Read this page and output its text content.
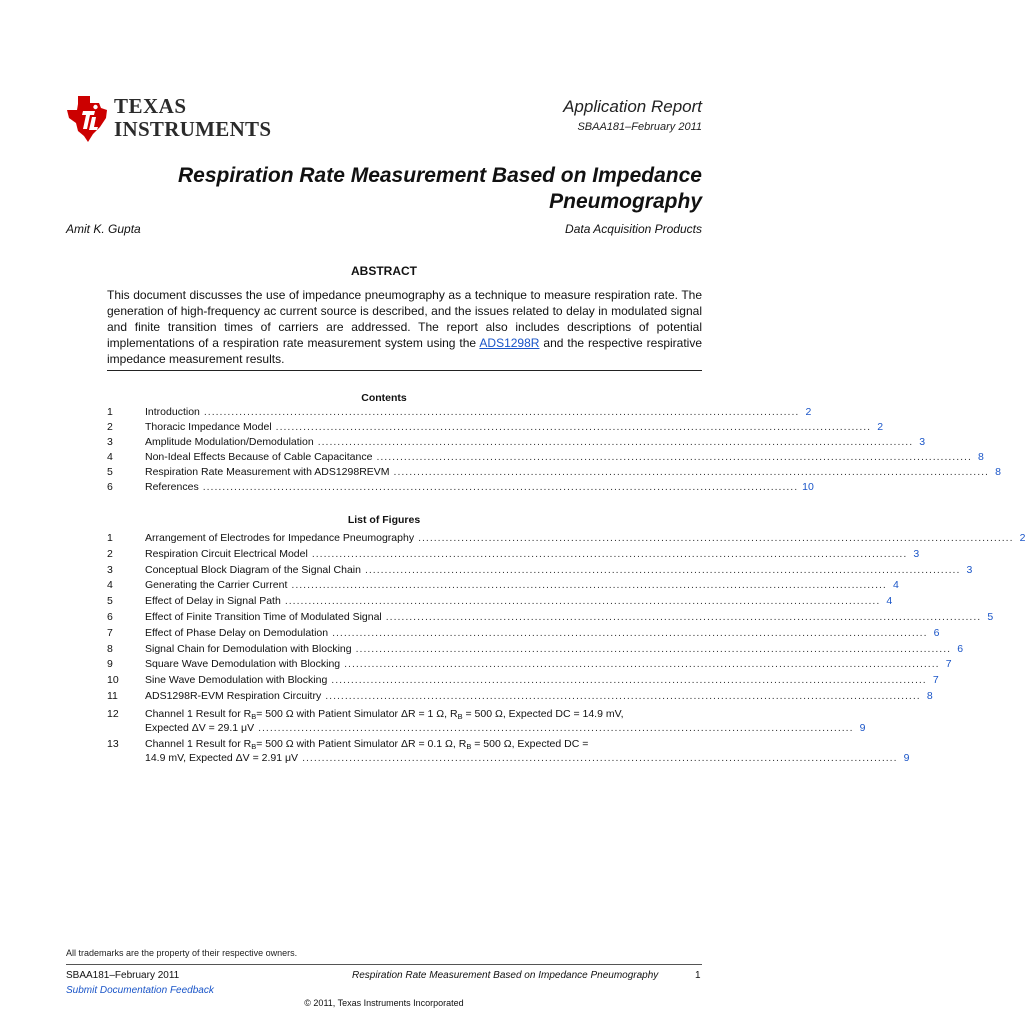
TEXAS
INSTRUMENTS
Application Report
SBAA181–February 2011
Respiration Rate Measurement Based on Impedance
Pneumography
Amit K. Gupta	Data Acquisition Products
ABSTRACT
This document discusses the use of impedance pneumography as a technique to measure respiration rate. The generation of high-frequency ac current source is described, and the issues related to delay in modulated signal and finite transition times of carriers are addressed. The report also includes descriptions of potential implementations of a respiration rate measurement system using the ADS1298R and the respective respirative impedance measurement results.
Contents
1	Introduction ........................................................................................................................................................ 2
2	Thoracic Impedance Model ........................................................................................................................................................ 2
3	Amplitude Modulation/Demodulation ........................................................................................................................................................ 3
4	Non-Ideal Effects Because of Cable Capacitance ........................................................................................................................................................ 8
5	Respiration Rate Measurement with ADS1298REVM ........................................................................................................................................................ 8
6	References ........................................................................................................................................................ 10
List of Figures
1	Arrangement of Electrodes for Impedance Pneumography ........................................................................................................................................................ 2
2	Respiration Circuit Electrical Model ........................................................................................................................................................ 3
3	Conceptual Block Diagram of the Signal Chain ........................................................................................................................................................ 3
4	Generating the Carrier Current ........................................................................................................................................................ 4
5	Effect of Delay in Signal Path ........................................................................................................................................................ 4
6	Effect of Finite Transition Time of Modulated Signal ........................................................................................................................................................ 5
7	Effect of Phase Delay on Demodulation ........................................................................................................................................................ 6
8	Signal Chain for Demodulation with Blocking ........................................................................................................................................................ 6
9	Square Wave Demodulation with Blocking ........................................................................................................................................................ 7
10	Sine Wave Demodulation with Blocking ........................................................................................................................................................ 7
11	ADS1298R-EVM Respiration Circuitry ........................................................................................................................................................ 8
12	Channel 1 Result for $R_B= 500$ Ω with Patient Simulator ΔR = 1 Ω, $R_B = 500$ Ω, Expected DC = 14.9 mV,
Expected ΔV = 29.1 μV ........................................................................................................................................................ 9
13	Channel 1 Result for $R_B= 500$ Ω with Patient Simulator ΔR = 0.1 Ω, $R_B = 500$ Ω, Expected DC =
14.9 mV, Expected ΔV = 2.91 μV ........................................................................................................................................................ 9
All trademarks are the property of their respective owners.
SBAA181–February 2011	Respiration Rate Measurement Based on Impedance Pneumography	1
Submit Documentation Feedback
© 2011, Texas Instruments Incorporated
